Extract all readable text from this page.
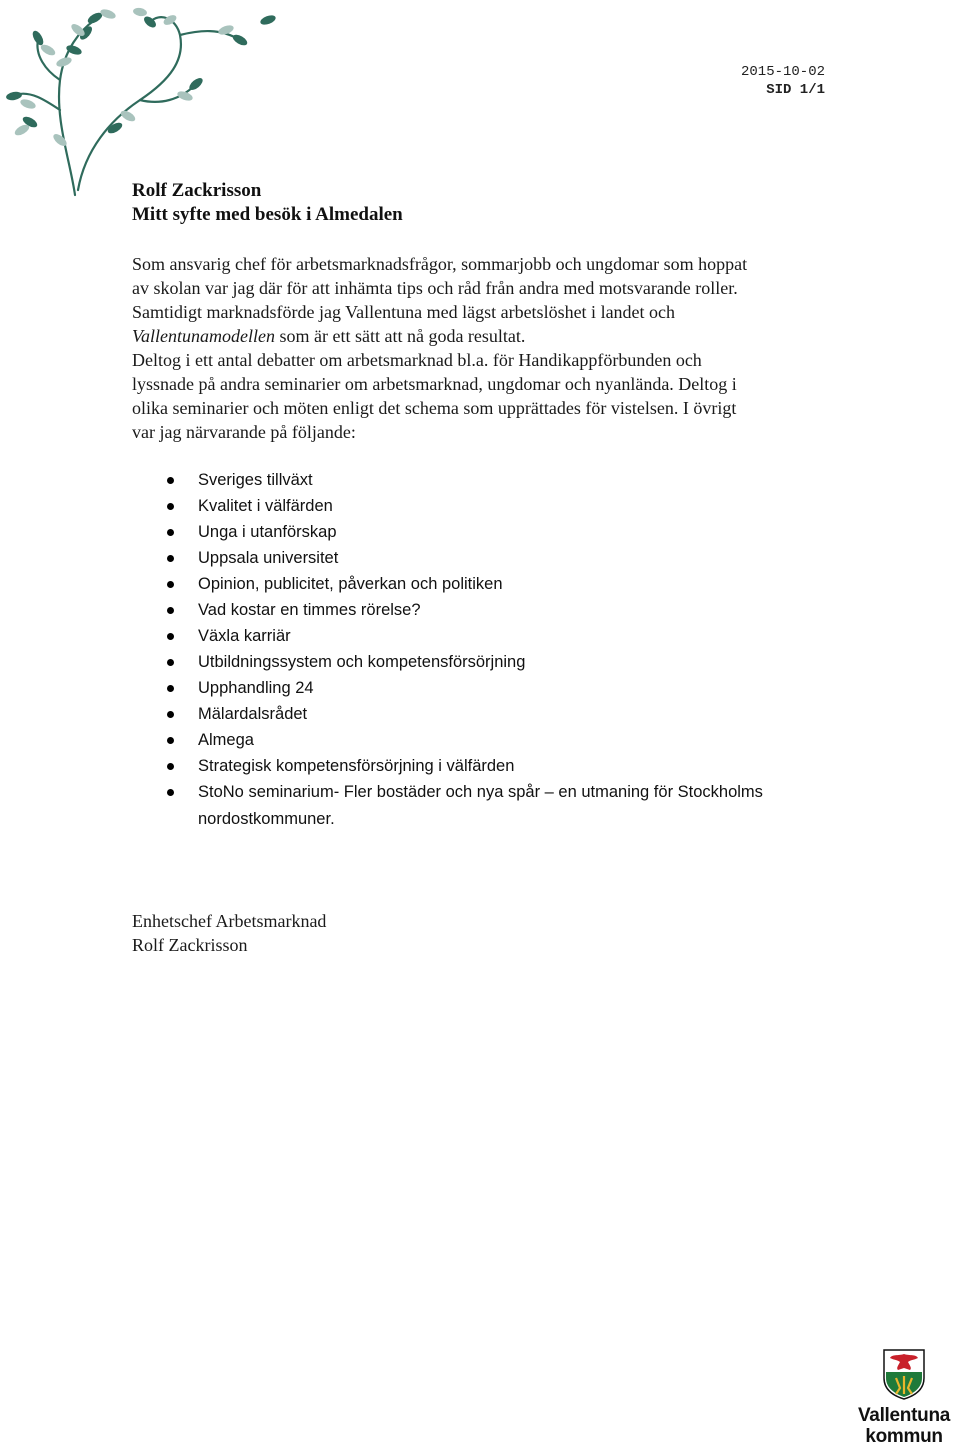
2015-10-02
SID 1/1
Rolf Zackrisson
Mitt syfte med besök i Almedalen
Som ansvarig chef för arbetsmarknadsfrågor, sommarjobb och ungdomar som hoppat
av skolan var jag där för att inhämta tips och råd från andra med motsvarande roller.
Samtidigt marknadsförde jag Vallentuna med lägst arbetslöshet i landet och
Vallentunamodellen som är ett sätt att nå goda resultat.
Deltog i ett antal debatter om arbetsmarknad bl.a. för Handikappförbunden och
lyssnade på andra seminarier om arbetsmarknad, ungdomar och nyanlända. Deltog i
olika seminarier och möten enligt det schema som upprättades för vistelsen. I övrigt
var jag närvarande på följande:
Sveriges tillväxt
Kvalitet i välfärden
Unga i utanförskap
Uppsala universitet
Opinion, publicitet, påverkan och politiken
Vad kostar en timmes rörelse?
Växla karriär
Utbildningssystem och kompetensförsörjning
Upphandling 24
Mälardalsrådet
Almega
Strategisk kompetensförsörjning i välfärden
StoNo seminarium- Fler bostäder och nya spår – en utmaning för Stockholms nordostkommuner.
Enhetschef Arbetsmarknad
Rolf Zackrisson
Vallentuna
kommun
